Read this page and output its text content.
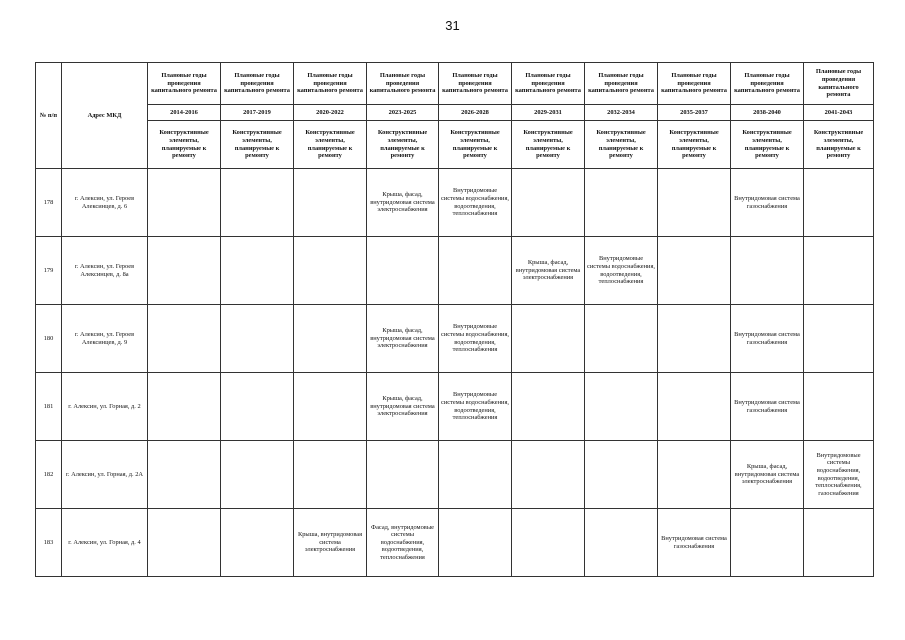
31
№ п/п	Адрес МКД	Плановые годы проведения капитального ремонта	Плановые годы проведения капитального ремонта	Плановые годы проведения капитального ремонта	Плановые годы проведения капитального ремонта	Плановые годы проведения капитального ремонта	Плановые годы проведения капитального ремонта	Плановые годы проведения капитального ремонта	Плановые годы проведения капитального ремонта	Плановые годы проведения капитального ремонта	Плановые годы проведения капитального ремонта
		2014-2016	2017-2019	2020-2022	2023-2025	2026-2028	2029-2031	2032-2034	2035-2037	2038-2040	2041-2043
		Конструктивные элементы, планируемые к ремонту	Конструктивные элементы, планируемые к ремонту	Конструктивные элементы, планируемые к ремонту	Конструктивные элементы, планируемые к ремонту	Конструктивные элементы, планируемые к ремонту	Конструктивные элементы, планируемые к ремонту	Конструктивные элементы, планируемые к ремонту	Конструктивные элементы, планируемые к ремонту	Конструктивные элементы, планируемые к ремонту	Конструктивные элементы, планируемые к ремонту
178	г. Алексин, ул. Героев Алексинцев, д. 6				Крыша, фасад, внутридомовая система электроснабжения	Внутридомовые системы водоснабжения, водоотведения, теплоснабжения				Внутридомовая система газоснабжения	
179	г. Алексин, ул. Героев Алексинцев, д. 8а						Крыша, фасад, внутридомовая система электроснабжения	Внутридомовые системы водоснабжения, водоотведения, теплоснабжения			
180	г. Алексин, ул. Героев Алексинцев, д. 9				Крыша, фасад, внутридомовая система электроснабжения	Внутридомовые системы водоснабжения, водоотведения, теплоснабжения				Внутридомовая система газоснабжения	
181	г. Алексин, ул. Горная, д. 2				Крыша, фасад, внутридомовая система электроснабжения	Внутридомовые системы водоснабжения, водоотведения, теплоснабжения				Внутридомовая система газоснабжения	
182	г. Алексин, ул. Горная, д. 2А									Крыша, фасад, внутридомовая система электроснабжения	Внутридомовые системы водоснабжения, водоотведения, теплоснабжения, газоснабжения
183	г. Алексин, ул. Горная, д. 4			Крыша, внутридомовая система электроснабжения	Фасад, внутридомовые системы водоснабжения, водоотведения, теплоснабжения				Внутридомовая система газоснабжения		
